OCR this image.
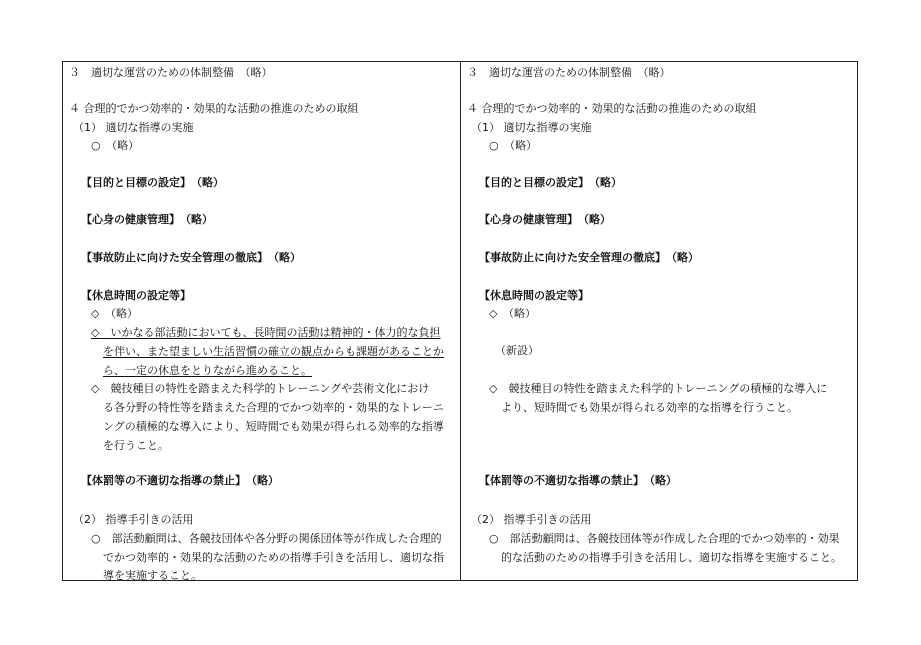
３　適切な運営のための体制整備　（略）
４ 合理的でかつ効率的・効果的な活動の推進のための取組
（1） 適切な指導の実施
○　（略）
【目的と目標の設定】　（略）
【心身の健康管理】　（略）
【事故防止に向けた安全管理の徹底】　（略）
【休息時間の設定等】
◇　（略）
◇　いかなる部活動においても、長時間の活動は精神的・体力的な負担
を伴い、また望ましい生活習慣の確立の観点からも課題があることか
ら、一定の休息をとりながら進めること。
◇　競技種目の特性を踏まえた科学的トレーニングや芸術文化におけ
る各分野の特性等を踏まえた合理的でかつ効率的・効果的なトレーニ
ングの積極的な導入により、短時間でも効果が得られる効率的な指導
を行うこと。
【体罰等の不適切な指導の禁止】　（略）
（2） 指導手引きの活用
○　部活動顧問は、各競技団体や各分野の関係団体等が作成した合理的
でかつ効率的・効果的な活動のための指導手引きを活用し、適切な指
導を実施すること。
３　適切な運営のための体制整備　（略）
４ 合理的でかつ効率的・効果的な活動の推進のための取組
（1） 適切な指導の実施
○　（略）
【目的と目標の設定】　（略）
【心身の健康管理】　（略）
【事故防止に向けた安全管理の徹底】　（略）
【休息時間の設定等】
◇　（略）
（新設）
◇　競技種目の特性を踏まえた科学的トレーニングの積極的な導入に
より、短時間でも効果が得られる効率的な指導を行うこと。
【体罰等の不適切な指導の禁止】　（略）
（2） 指導手引きの活用
○　部活動顧問は、各競技団体等が作成した合理的でかつ効率的・効果
的な活動のための指導手引きを活用し、適切な指導を実施すること。
